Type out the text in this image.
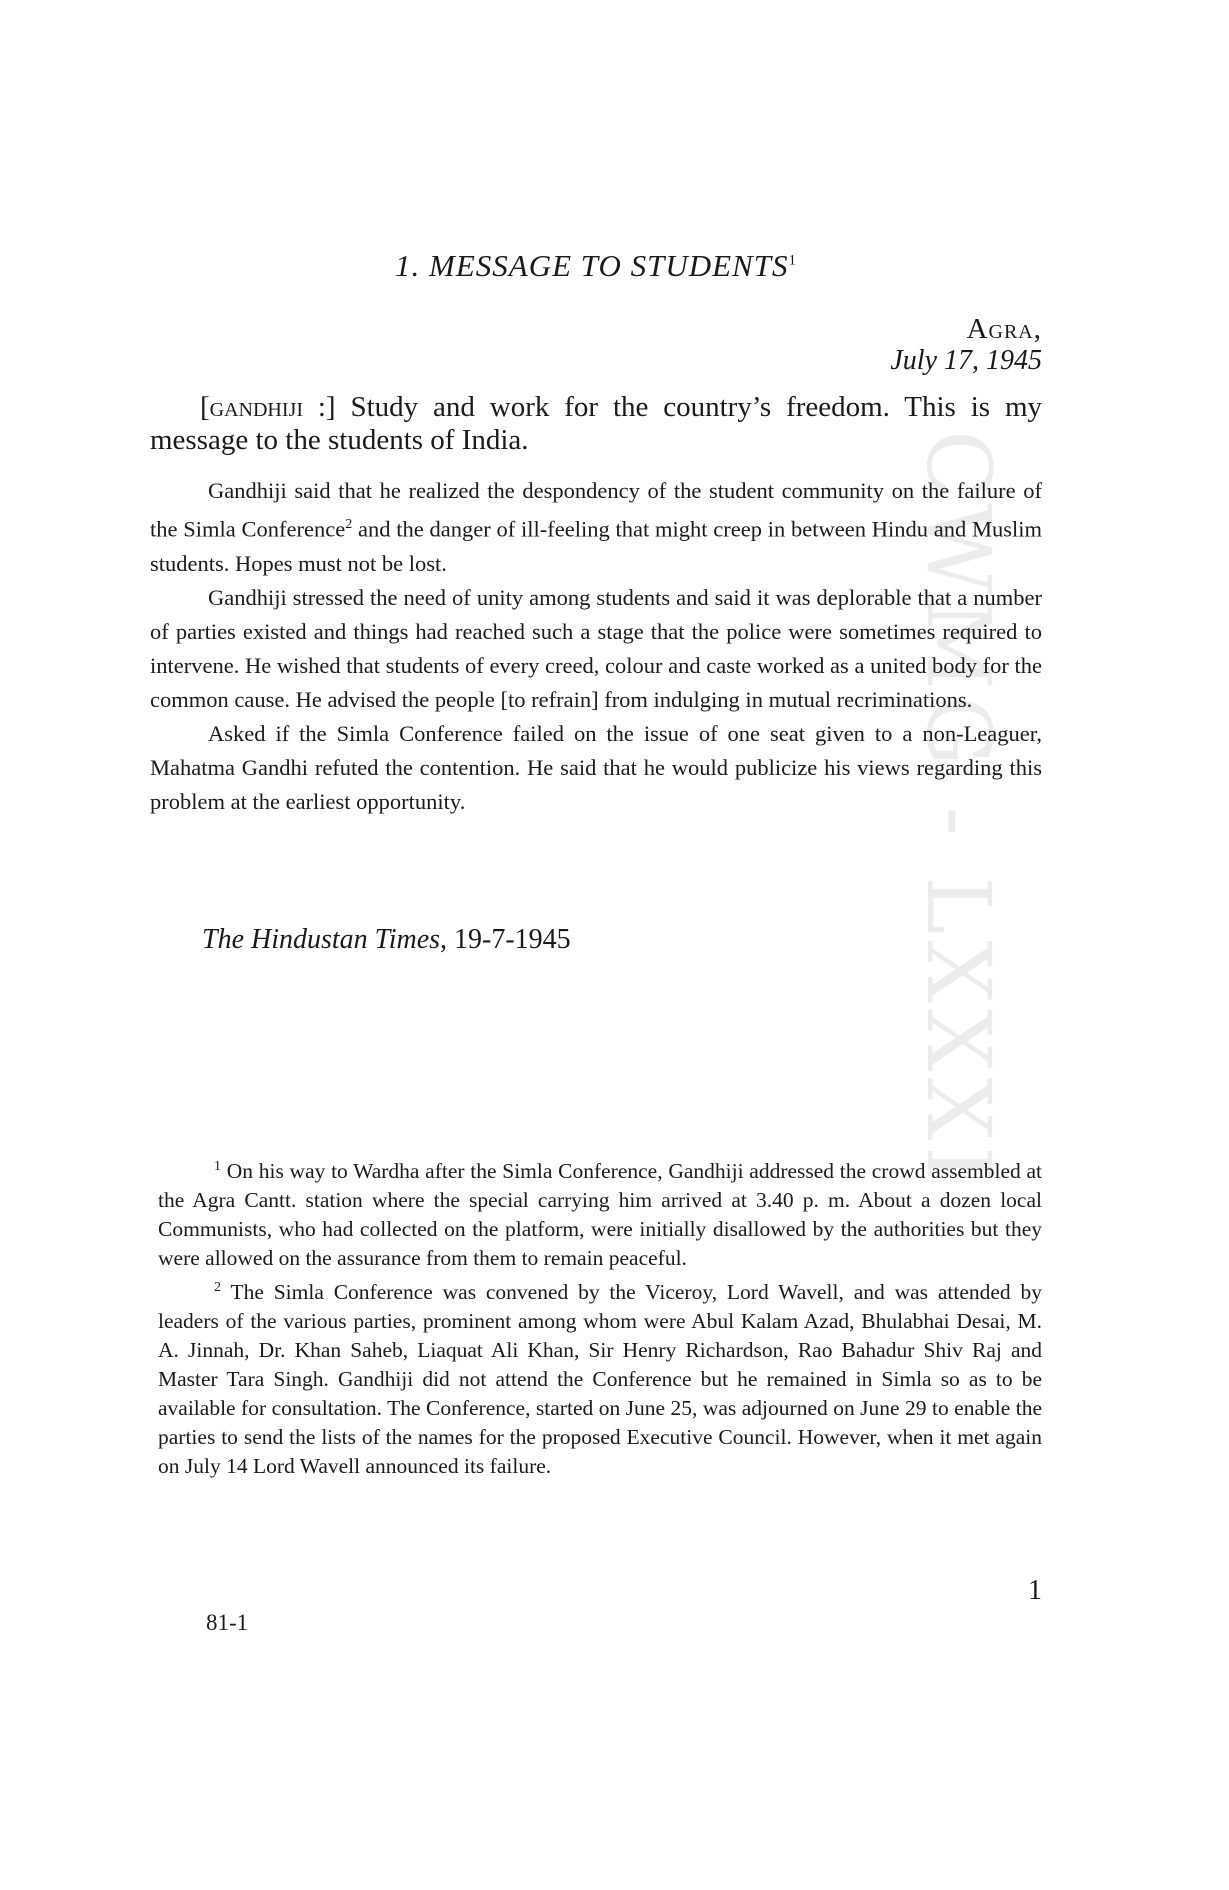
CWMG - LXXXI
1. MESSAGE TO STUDENTS$^1$
Agra,
July 17, 1945

[gandhiji :] Study and work for the country’s freedom. This is my message to the students of India.

Gandhiji said that he realized the despondency of the student community on the failure of the Simla Conference$^2$ and the danger of ill-feeling that might creep in between Hindu and Muslim students. Hopes must not be lost.

Gandhiji stressed the need of unity among students and said it was deplorable that a number of parties existed and things had reached such a stage that the police were sometimes required to intervene. He wished that students of every creed, colour and caste worked as a united body for the common cause. He advised the people [to refrain] from indulging in mutual recriminations.

Asked if the Simla Conference failed on the issue of one seat given to a non-Leaguer, Mahatma Gandhi refuted the contention. He said that he would publicize his views regarding this problem at the earliest opportunity.

The Hindustan Times, 19-7-1945

$^1$ On his way to Wardha after the Simla Conference, Gandhiji addressed the crowd assembled at the Agra Cantt. station where the special carrying him arrived at 3.40 p. m. About a dozen local Communists, who had collected on the platform, were initially disallowed by the authorities but they were allowed on the assurance from them to remain peaceful.

$^2$ The Simla Conference was convened by the Viceroy, Lord Wavell, and was attended by leaders of the various parties, prominent among whom were Abul Kalam Azad, Bhulabhai Desai, M. A. Jinnah, Dr. Khan Saheb, Liaquat Ali Khan, Sir Henry Richardson, Rao Bahadur Shiv Raj and Master Tara Singh. Gandhiji did not attend the Conference but he remained in Simla so as to be available for consultation. The Conference, started on June 25, was adjourned on June 29 to enable the parties to send the lists of the names for the proposed Executive Council. However, when it met again on July 14 Lord Wavell announced its failure.

1
81-1
